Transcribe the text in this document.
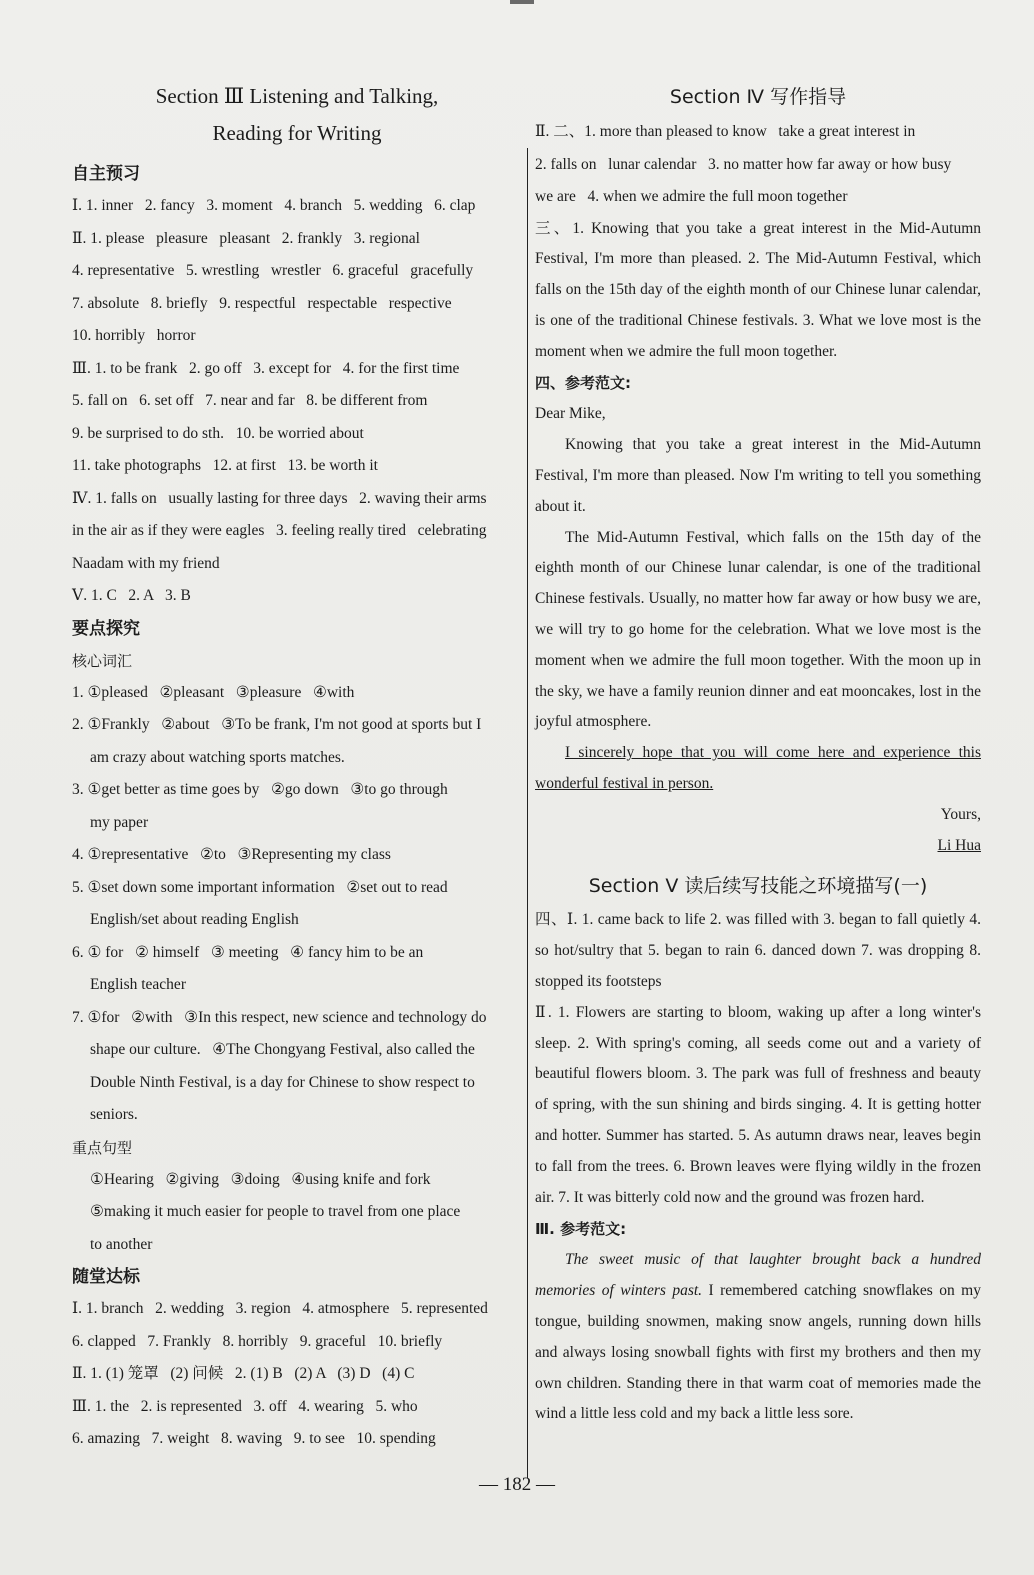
Section Ⅲ Listening and Talking,

Reading for Writing

自主预习

Ⅰ. 1. inner   2. fancy   3. moment   4. branch   5. wedding   6. clap

Ⅱ. 1. please   pleasure   pleasant   2. frankly   3. regional

4. representative   5. wrestling   wrestler   6. graceful   gracefully

7. absolute   8. briefly   9. respectful   respectable   respective

10. horribly   horror

Ⅲ. 1. to be frank   2. go off   3. except for   4. for the first time

5. fall on   6. set off   7. near and far   8. be different from

9. be surprised to do sth.   10. be worried about

11. take photographs   12. at first   13. be worth it

Ⅳ. 1. falls on   usually lasting for three days   2. waving their arms

in the air as if they were eagles   3. feeling really tired   celebrating

Naadam with my friend

Ⅴ. 1. C   2. A   3. B

要点探究

核心词汇

1. ①pleased   ②pleasant   ③pleasure   ④with

2. ①Frankly   ②about   ③To be frank, I'm not good at sports but I

am crazy about watching sports matches.

3. ①get better as time goes by   ②go down   ③to go through

my paper

4. ①representative   ②to   ③Representing my class

5. ①set down some important information   ②set out to read

English/set about reading English

6. ① for   ② himself   ③ meeting   ④ fancy him to be an

English teacher

7. ①for   ②with   ③In this respect, new science and technology do

shape our culture.   ④The Chongyang Festival, also called the

Double Ninth Festival, is a day for Chinese to show respect to

seniors.

重点句型

①Hearing   ②giving   ③doing   ④using knife and fork

⑤making it much easier for people to travel from one place

to another

随堂达标

Ⅰ. 1. branch   2. wedding   3. region   4. atmosphere   5. represented

6. clapped   7. Frankly   8. horribly   9. graceful   10. briefly

Ⅱ. 1. (1) 笼罩   (2) 问候   2. (1) B   (2) A   (3) D   (4) C

Ⅲ. 1. the   2. is represented   3. off   4. wearing   5. who

6. amazing   7. weight   8. waving   9. to see   10. spending

Section Ⅳ 写作指导

Ⅱ. 二、1. more than pleased to know   take a great interest in

2. falls on   lunar calendar   3. no matter how far away or how busy

we are   4. when we admire the full moon together

三、1. Knowing that you take a great interest in the Mid-Autumn Festival, I'm more than pleased. 2. The Mid-Autumn Festival, which falls on the 15th day of the eighth month of our Chinese lunar calendar, is one of the traditional Chinese festivals. 3. What we love most is the moment when we admire the full moon together.

四、参考范文:

Dear Mike,

Knowing that you take a great interest in the Mid-Autumn Festival, I'm more than pleased. Now I'm writing to tell you something about it.

The Mid-Autumn Festival, which falls on the 15th day of the eighth month of our Chinese lunar calendar, is one of the traditional Chinese festivals. Usually, no matter how far away or how busy we are, we will try to go home for the celebration. What we love most is the moment when we admire the full moon together. With the moon up in the sky, we have a family reunion dinner and eat mooncakes, lost in the joyful atmosphere.

I sincerely hope that you will come here and experience this wonderful festival in person.

Yours,

Li Hua

Section Ⅴ 读后续写技能之环境描写(一)

四、Ⅰ. 1. came back to life 2. was filled with 3. began to fall quietly 4. so hot/sultry that 5. began to rain 6. danced down 7. was dropping 8. stopped its footsteps

Ⅱ. 1. Flowers are starting to bloom, waking up after a long winter's sleep. 2. With spring's coming, all seeds come out and a variety of beautiful flowers bloom. 3. The park was full of freshness and beauty of spring, with the sun shining and birds singing. 4. It is getting hotter and hotter. Summer has started. 5. As autumn draws near, leaves begin to fall from the trees. 6. Brown leaves were flying wildly in the frozen air. 7. It was bitterly cold now and the ground was frozen hard.

Ⅲ. 参考范文:

The sweet music of that laughter brought back a hundred memories of winters past. I remembered catching snowflakes on my tongue, building snowmen, making snow angels, running down hills and always losing snowball fights with first my brothers and then my own children. Standing there in that warm coat of memories made the wind a little less cold and my back a little less sore.

— 182 —
